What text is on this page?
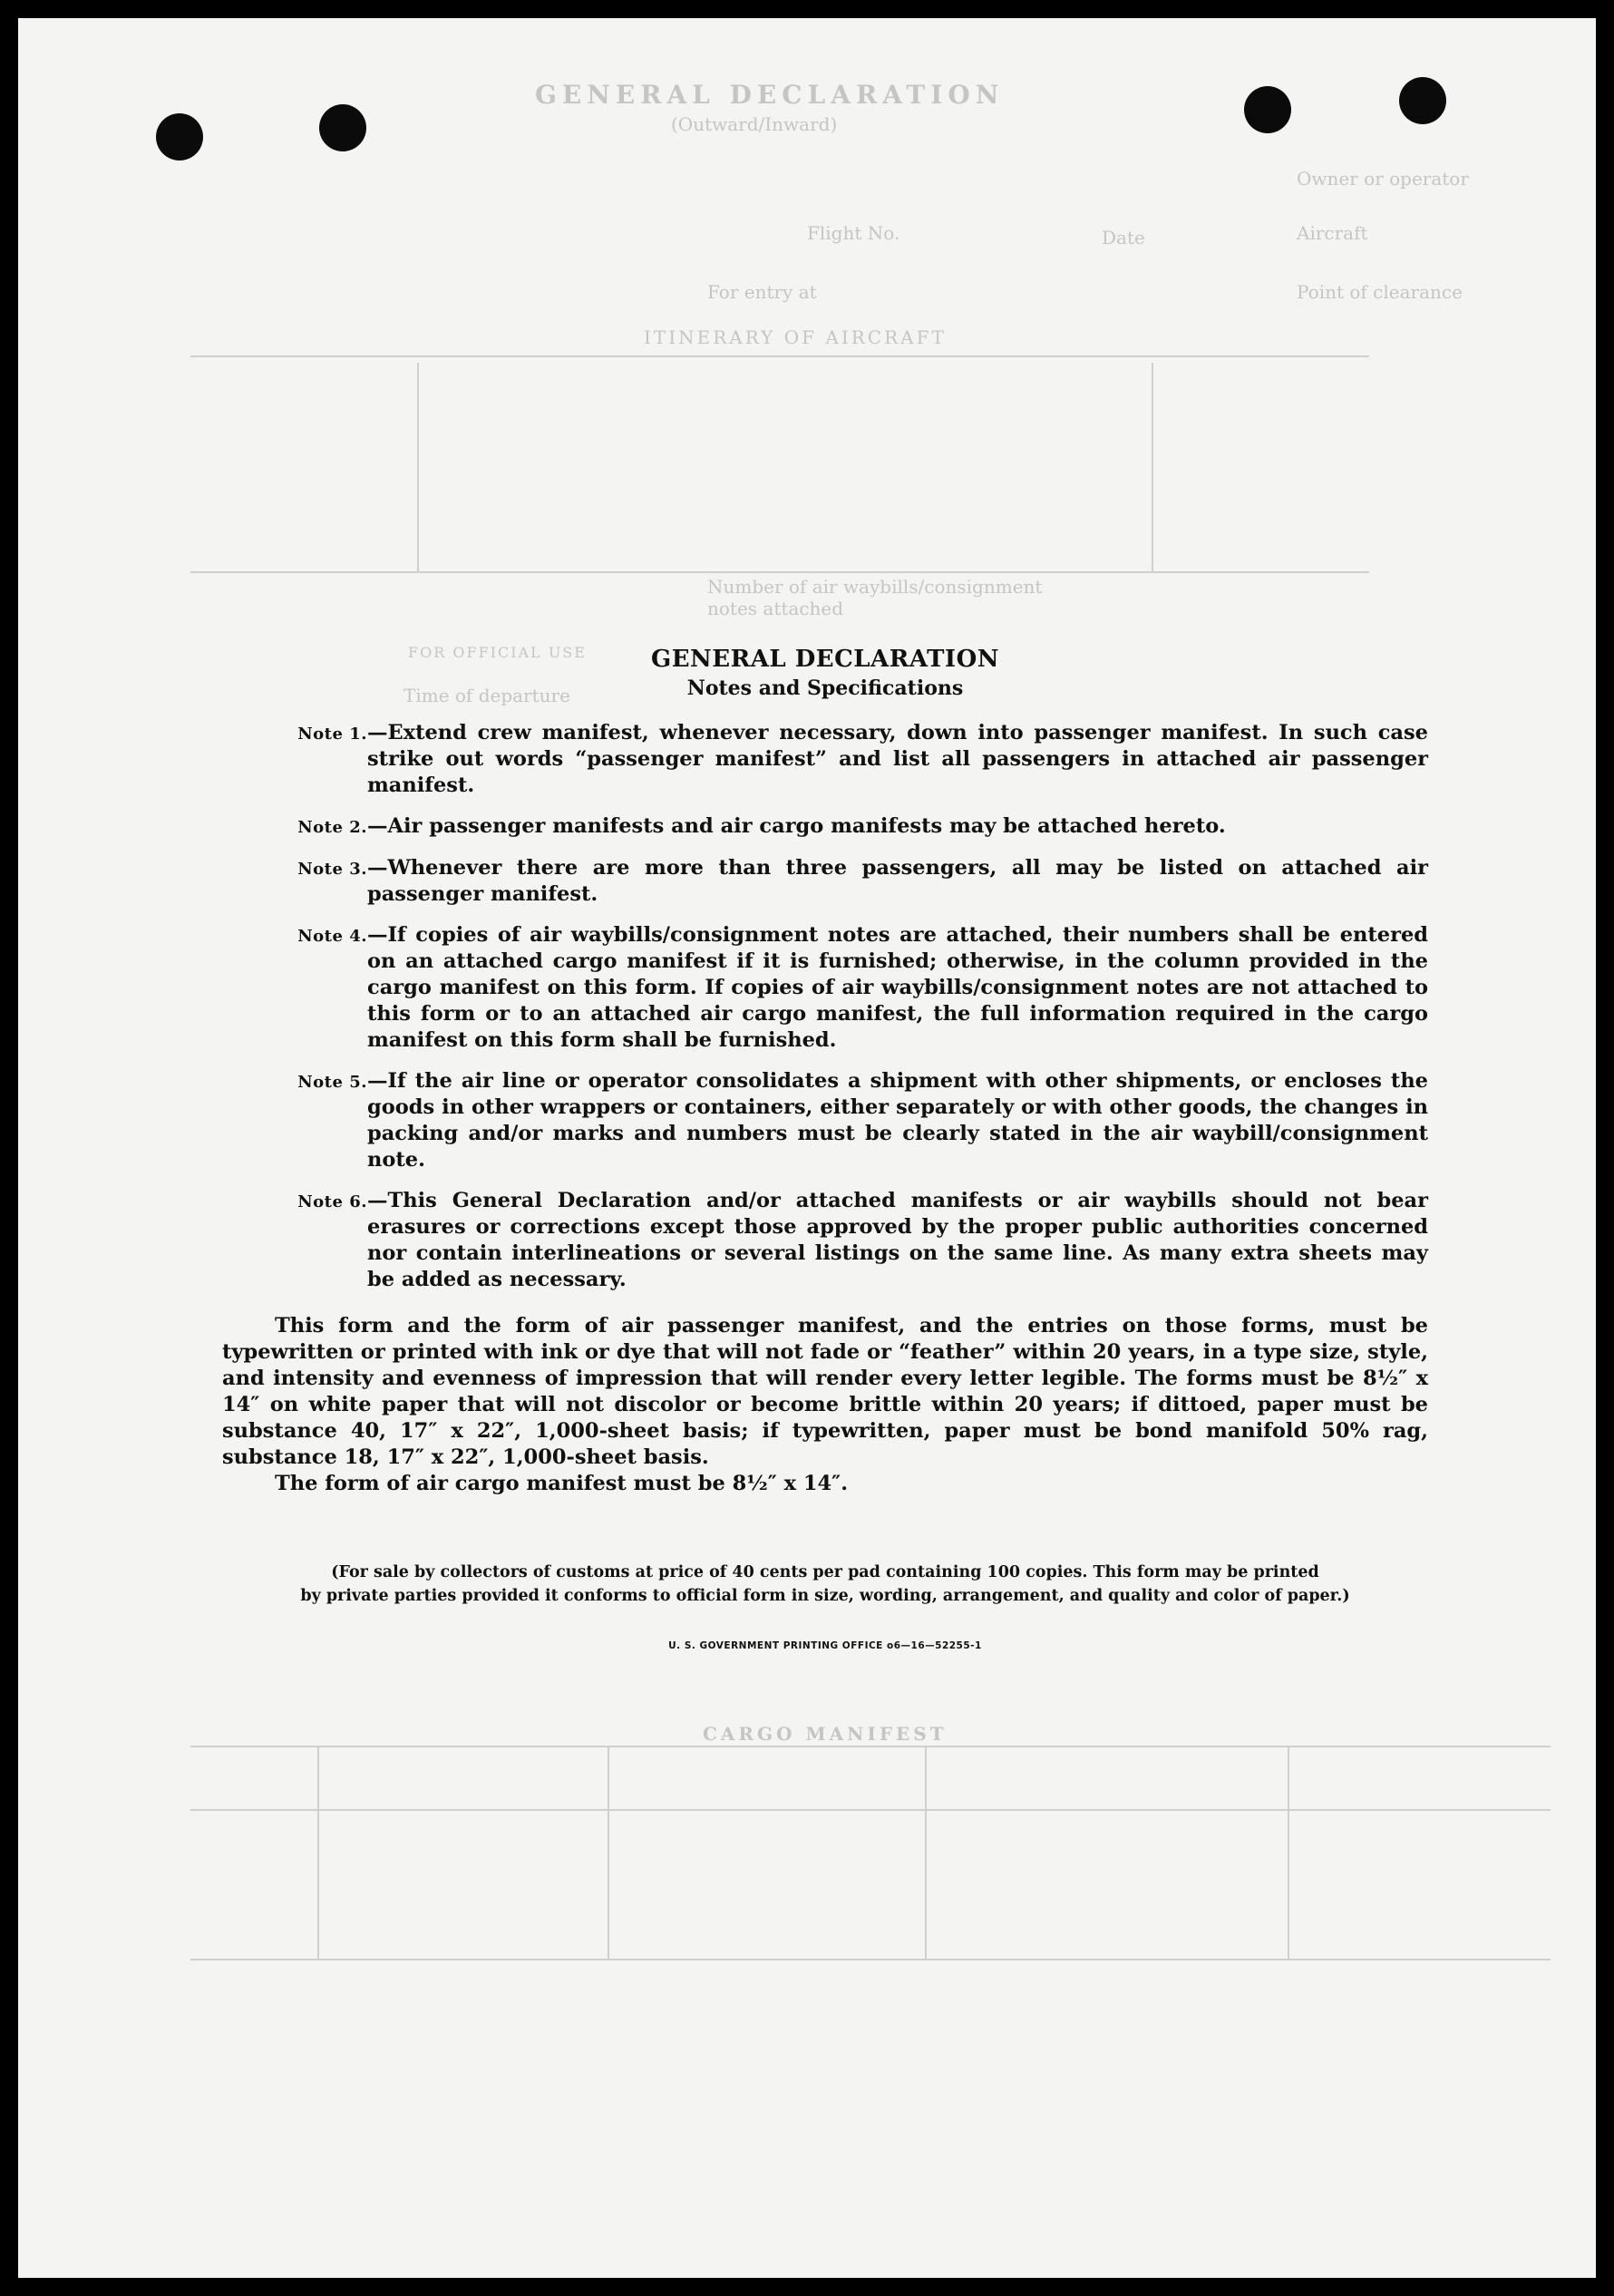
GENERAL DECLARATION
(Outward/Inward)
Owner or operator
Aircraft
Flight No.	Date
Point of clearance
For entry at
ITINERARY OF AIRCRAFT
Number of air waybills/consignment notes attached
FOR OFFICIAL USE
Time of departure
CARGO MANIFEST
GENERAL DECLARATION
Notes and Specifications
Note 1. —Extend crew manifest, whenever necessary, down into passenger manifest. In such case strike out words “passenger manifest” and list all passengers in attached air passenger manifest.
Note 2. —Air passenger manifests and air cargo manifests may be attached hereto.
Note 3. —Whenever there are more than three passengers, all may be listed on attached air passenger manifest.
Note 4. —If copies of air waybills/consignment notes are attached, their numbers shall be entered on an attached cargo manifest if it is furnished; otherwise, in the column provided in the cargo manifest on this form. If copies of air waybills/consignment notes are not attached to this form or to an attached air cargo manifest, the full information required in the cargo manifest on this form shall be furnished.
Note 5. —If the air line or operator consolidates a shipment with other shipments, or encloses the goods in other wrappers or containers, either separately or with other goods, the changes in packing and/or marks and numbers must be clearly stated in the air waybill/consignment note.
Note 6. —This General Declaration and/or attached manifests or air waybills should not bear erasures or corrections except those approved by the proper public authorities concerned nor contain interlineations or several listings on the same line. As many extra sheets may be added as necessary.
This form and the form of air passenger manifest, and the entries on those forms, must be typewritten or printed with ink or dye that will not fade or “feather” within 20 years, in a type size, style, and intensity and evenness of impression that will render every letter legible. The forms must be 8½″ x 14″ on white paper that will not discolor or become brittle within 20 years; if dittoed, paper must be substance 40, 17″ x 22″, 1,000-sheet basis; if typewritten, paper must be bond manifold 50% rag, substance 18, 17″ x 22″, 1,000-sheet basis.
The form of air cargo manifest must be 8½″ x 14″.
(For sale by collectors of customs at price of 40 cents per pad containing 100 copies. This form may be printed
by private parties provided it conforms to official form in size, wording, arrangement, and quality and color of paper.)
U. S. GOVERNMENT PRINTING OFFICE o6—16—52255-1
